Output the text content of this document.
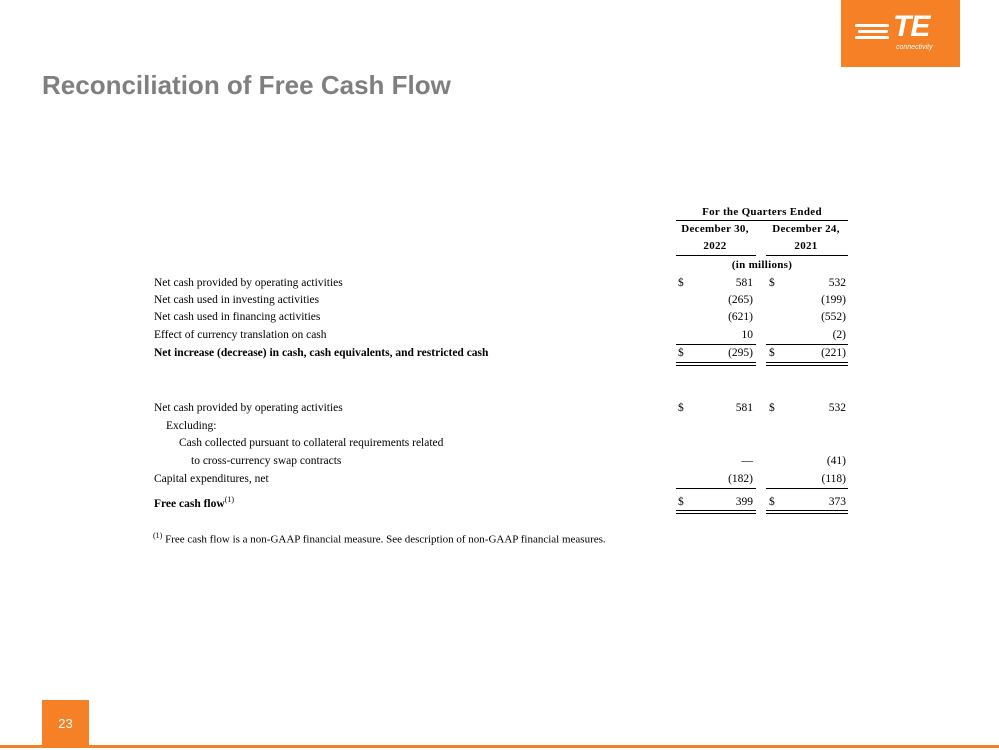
Reconciliation of Free Cash Flow
TE
connectivity
For the Quarters Ended
December 30,
2022
December 24,
2021
(in millions)
Net cash provided by operating activities	$	581 $	532
Net cash used in investing activities	(265)	(199)
Net cash used in financing activities	(621)	(552)
Effect of currency translation on cash	10	(2)
Net increase (decrease) in cash, cash equivalents, and restricted cash	$	(295) $	(221)
Net cash provided by operating activities	$	581 $	532
Excluding:
Cash collected pursuant to collateral requirements related
to cross-currency swap contracts	—	(41)
Capital expenditures, net	(182)	(118)
Free cash flow$^{(1)}$	$	399 $	373
$^{(1)}$ Free cash flow is a non-GAAP financial measure. See description of non-GAAP financial measures.
23
